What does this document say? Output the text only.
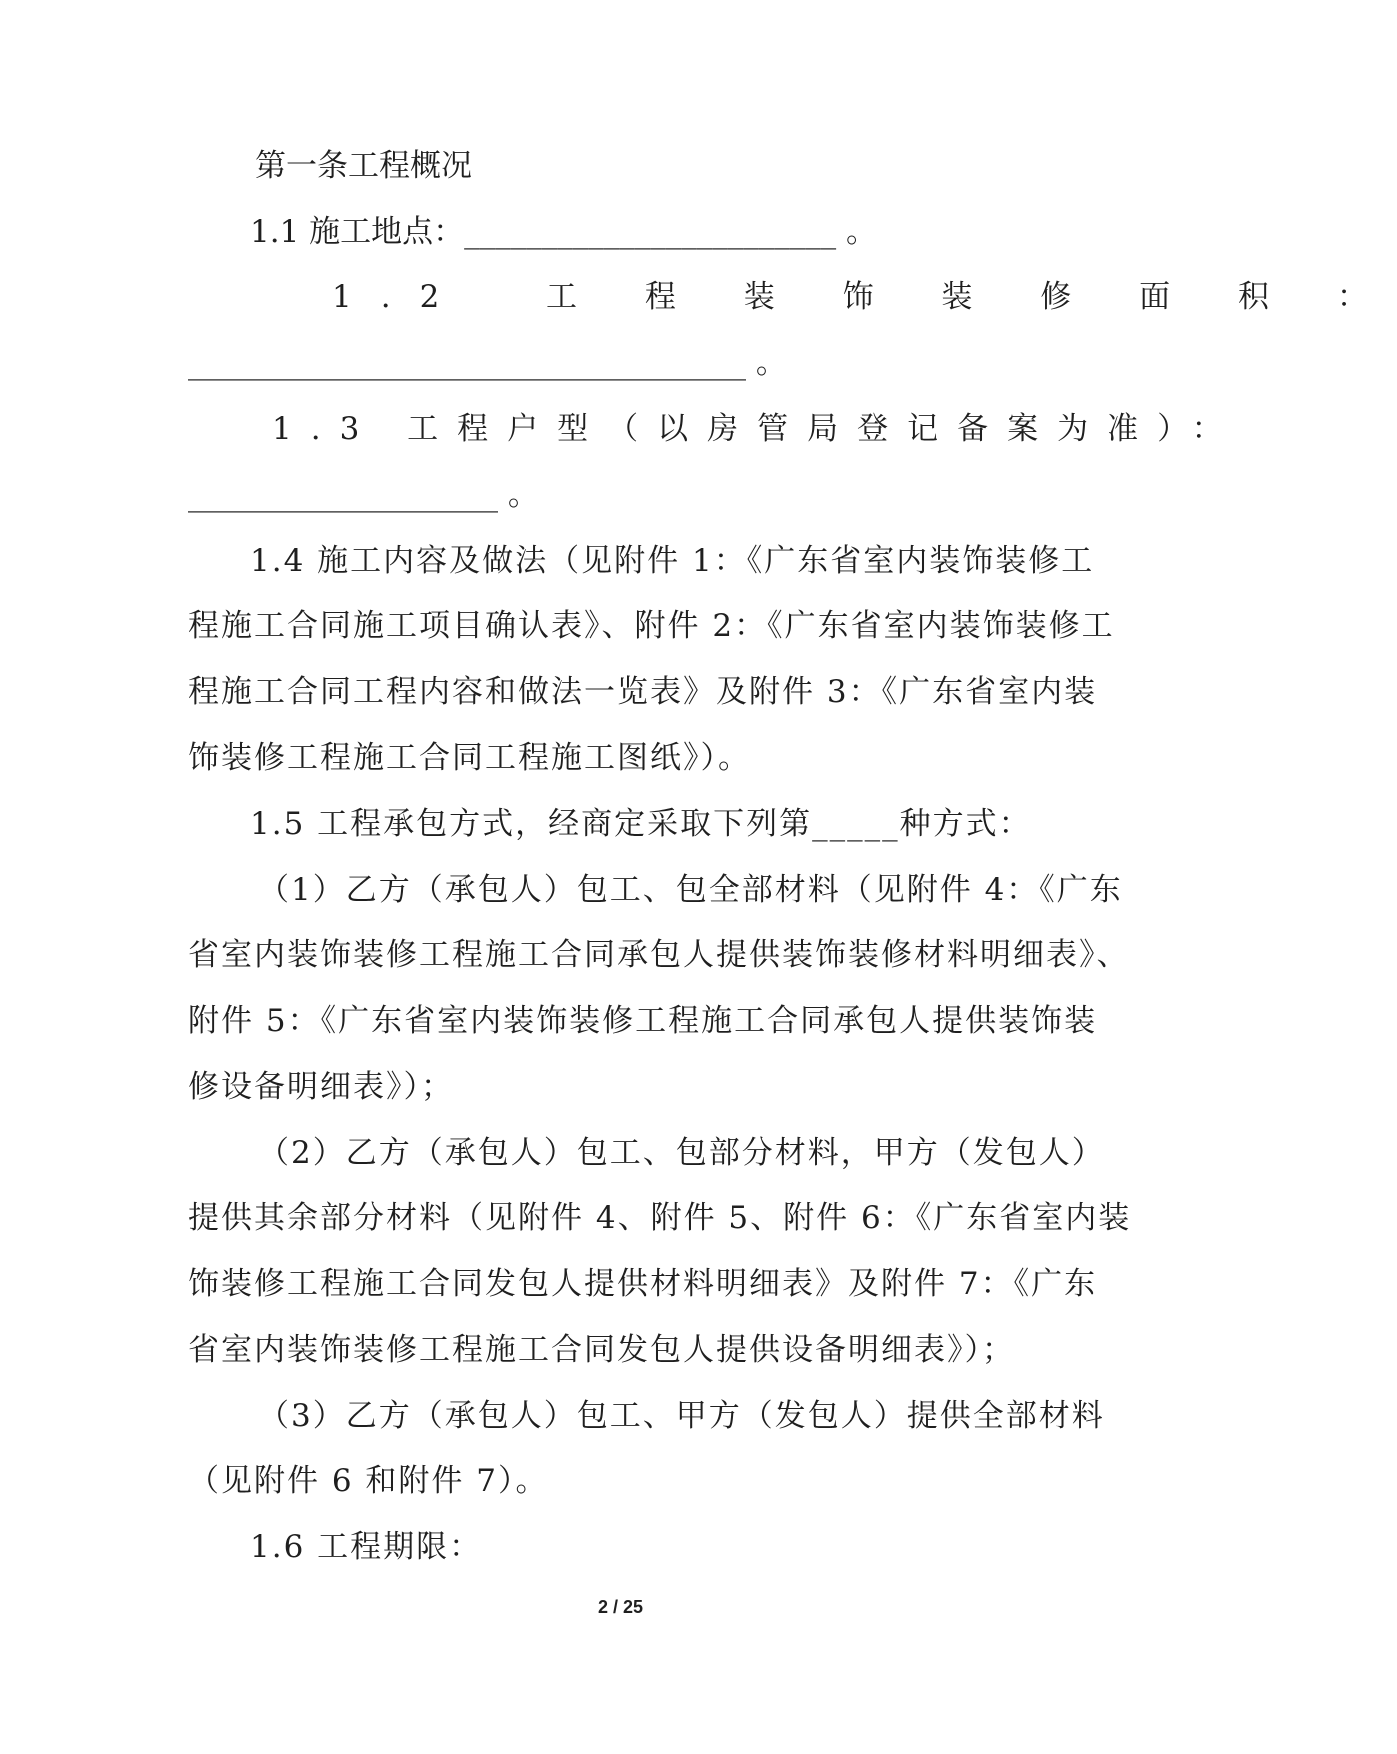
第一条工程概况
1.1 施工地点：________________________ 。
1.2  工 程 装 饰 装 修 面 积 ：
____________________________________ 。
1.3 工程户型（以房管局登记备案为准）：
____________________ 。
1.4 施工内容及做法（见附件 1：《广东省室内装饰装修工
程施工合同施工项目确认表》、附件 2：《广东省室内装饰装修工
程施工合同工程内容和做法一览表》及附件 3：《广东省室内装
饰装修工程施工合同工程施工图纸》）。
1.5 工程承包方式，经商定采取下列第_____种方式：
（1）乙方（承包人）包工、包全部材料（见附件 4：《广东
省室内装饰装修工程施工合同承包人提供装饰装修材料明细表》、
附件 5：《广东省室内装饰装修工程施工合同承包人提供装饰装
修设备明细表》）；
（2）乙方（承包人）包工、包部分材料，甲方（发包人）
提供其余部分材料（见附件 4、附件 5、附件 6：《广东省室内装
饰装修工程施工合同发包人提供材料明细表》及附件 7：《广东
省室内装饰装修工程施工合同发包人提供设备明细表》）；
（3）乙方（承包人）包工、甲方（发包人）提供全部材料
（见附件 6 和附件 7）。
1.6 工程期限：
2 / 25
